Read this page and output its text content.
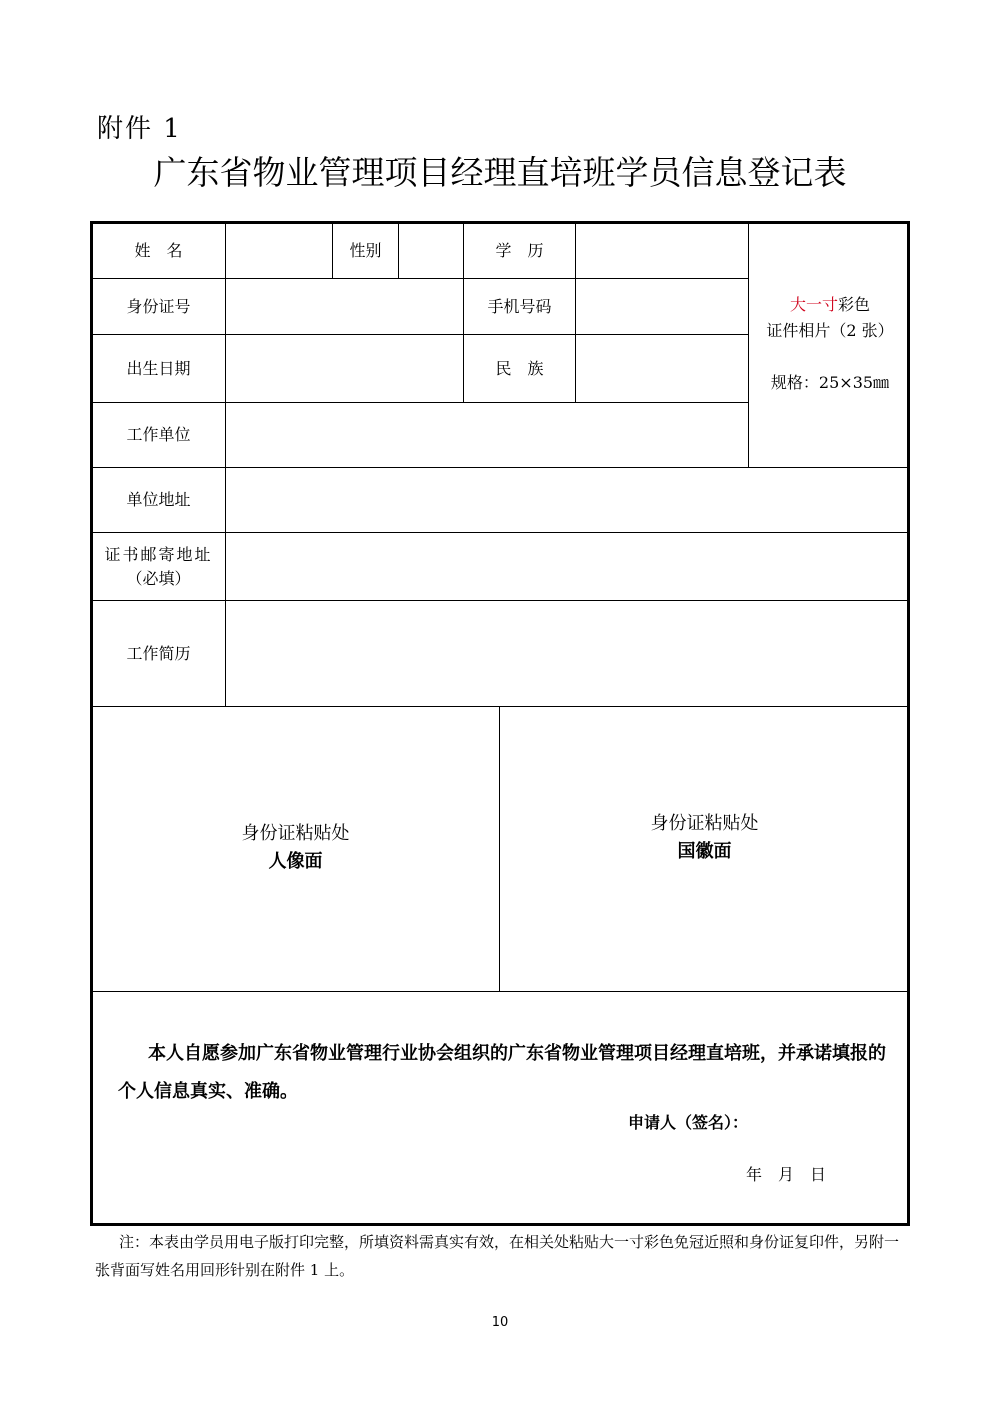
附件 1
广东省物业管理项目经理直培班学员信息登记表
姓　名	性别	学　历
身份证号	手机号码
出生日期	民　族
工作单位
单位地址
证书邮寄地址
（必填）
工作简历
大一寸彩色
证件相片（2 张）
规格：25×35㎜
身份证粘贴处
人像面
身份证粘贴处
国徽面
本人自愿参加广东省物业管理行业协会组织的广东省物业管理项目经理直培班，并承诺填报的个人信息真实、准确。
申请人（签名）：
年　月　日
注：本表由学员用电子版打印完整，所填资料需真实有效，在相关处粘贴大一寸彩色免冠近照和身份证复印件，另附一张背面写姓名用回形针别在附件 1 上。
10
